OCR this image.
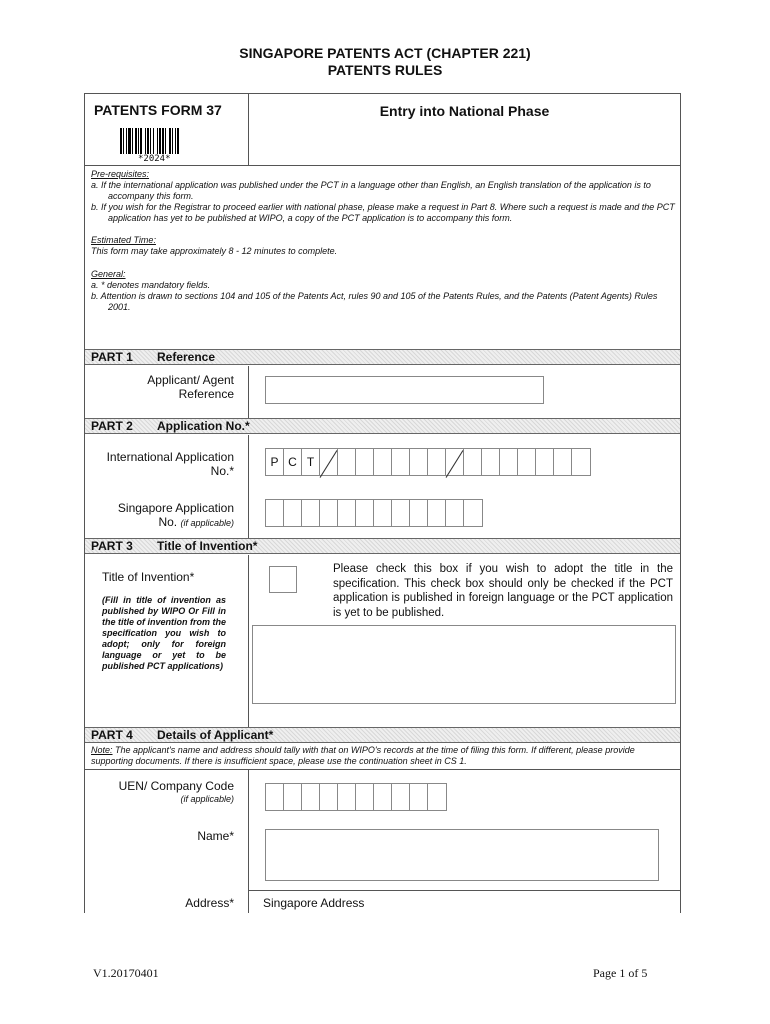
SINGAPORE PATENTS ACT (CHAPTER 221)
PATENTS RULES
PATENTS FORM 37
*2024*
Entry into National Phase
Pre-requisites:
a. If the international application was published under the PCT in a language other than English, an English translation of the application is to accompany this form.
b. If you wish for the Registrar to proceed earlier with national phase, please make a request in Part 8. Where such a request is made and the PCT application has yet to be published at WIPO, a copy of the PCT application is to accompany this form.
Estimated Time:
This form may take approximately 8 - 12 minutes to complete.
General:
a. * denotes mandatory fields.
b. Attention is drawn to sections 104 and 105 of the Patents Act, rules 90 and 105 of the Patents Rules, and the Patents (Patent Agents) Rules 2001.
PART 1 Reference
Applicant/ Agent
Reference
PART 2 Application No.*
International Application
No.*
P C T
Singapore Application
No. (if applicable)
PART 3 Title of Invention*
Title of Invention*
(Fill in title of invention as published by WIPO Or Fill in the title of invention from the specification you wish to adopt; only for foreign language or yet to be published PCT applications)
Please check this box if you wish to adopt the title in the specification. This check box should only be checked if the PCT application is published in foreign language or the PCT application is yet to be published.
PART 4 Details of Applicant*
Note: The applicant's name and address should tally with that on WIPO's records at the time of filing this form. If different, please provide supporting documents. If there is insufficient space, please use the continuation sheet in CS 1.
UEN/ Company Code
(if applicable)
Name*
Address* Singapore Address
V1.20170401	Page 1 of 5
